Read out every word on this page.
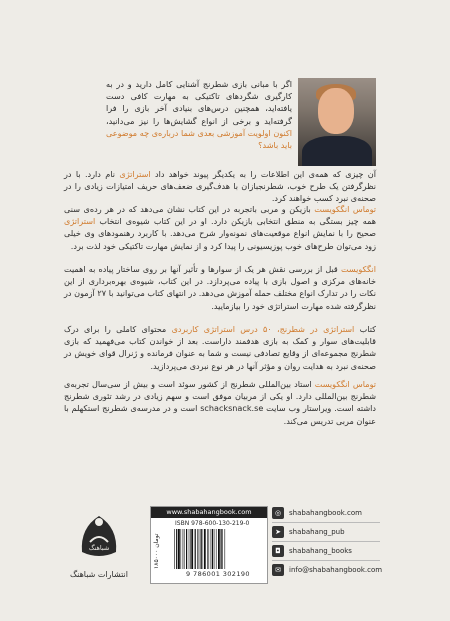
اگر با مبانی بازی شطرنج آشنایی کامل دارید و در به کارگیری شگردهای تاکتیکی به مهارت کافی دست یافته‌اید، همچنین درس‌های بنیادی آخر بازی را فرا گرفته‌اید و برخی از انواع گشایش‌ها را نیز می‌دانید، اکنون اولویت آموزشی بعدی شما درباره‌ی چه موضوعی باید باشد؟
آن چیزی که همه‌ی این اطلاعات را به یکدیگر پیوند خواهد داد استراتژی نام دارد. با در نظرگرفتن یک طرح خوب، شطرنجبازان با هدف‌گیری ضعف‌های حریف امتیازات زیادی را در صحنه‌ی نبرد کسب خواهند کرد.
توماس انگکویست بازیکن و مربی باتجربه در این کتاب نشان می‌دهد که در هر رده‌ی سنی همه چیز بستگی به منطق انتخابی بازیکن دارد. او در این کتاب شیوه‌ی انتخاب استراتژی صحیح را با نمایش انواع موقعیت‌های نمونه‌وار شرح می‌دهد. با کاربرد رهنمودهای وی خیلی زود می‌توان طرح‌های خوب پوزیسیونی را پیدا کرد و از نمایش مهارت تاکتیکی خود لذت برد.
انگکویست قبل از بررسی نقش هر یک از سوارها و تأثیر آنها بر روی ساختار پیاده به اهمیت خانه‌های مرکزی و اصول بازی با پیاده می‌پردازد. در این کتاب، شیوه‌ی بهره‌برداری از این نکات را در تدارک انواع مختلف حمله آموزش می‌دهد. در انتهای کتاب می‌توانید با ۲۷ آزمون در نظرگرفته شده مهارت استراتژی خود را بیازمایید.
کتاب استراتژی در شطرنج، ۵۰ درس استراتژی کاربردی محتوای کاملی را برای درک قابلیت‌های سوار و کمک به بازی هدفمند داراست. بعد از خواندن کتاب می‌فهمید که بازی شطرنج مجموعه‌ای از وقایع تصادفی نیست و شما به عنوان فرمانده و ژنرال قوای خویش در صحنه‌ی نبرد به هدایت روان و مؤثر آنها در هر نوع نبردی می‌پردازید.
توماس انگکویست استاد بین‌المللی شطرنج از کشور سوئد است و بیش از سی‌سال تجربه‌ی شطرنج بین‌المللی دارد. او یکی از مربیان موفق است و سهم زیادی در رشد تئوری شطرنج داشته است. ویراستار وب سایت schacksnack.se است و در مدرسه‌ی شطرنج استکهلم با عنوان مربی تدریس می‌کند.
شباهنگ
انتشارات شباهنگ
www.shabahangbook.com
۱۸۵۰۰۰ تومان
ISBN 978-600-130-219-0
9 786001 302190
◎	shabahangbook.com
➤	shabahang_pub
◘	shabahang_books
✉	info@shabahangbook.com
